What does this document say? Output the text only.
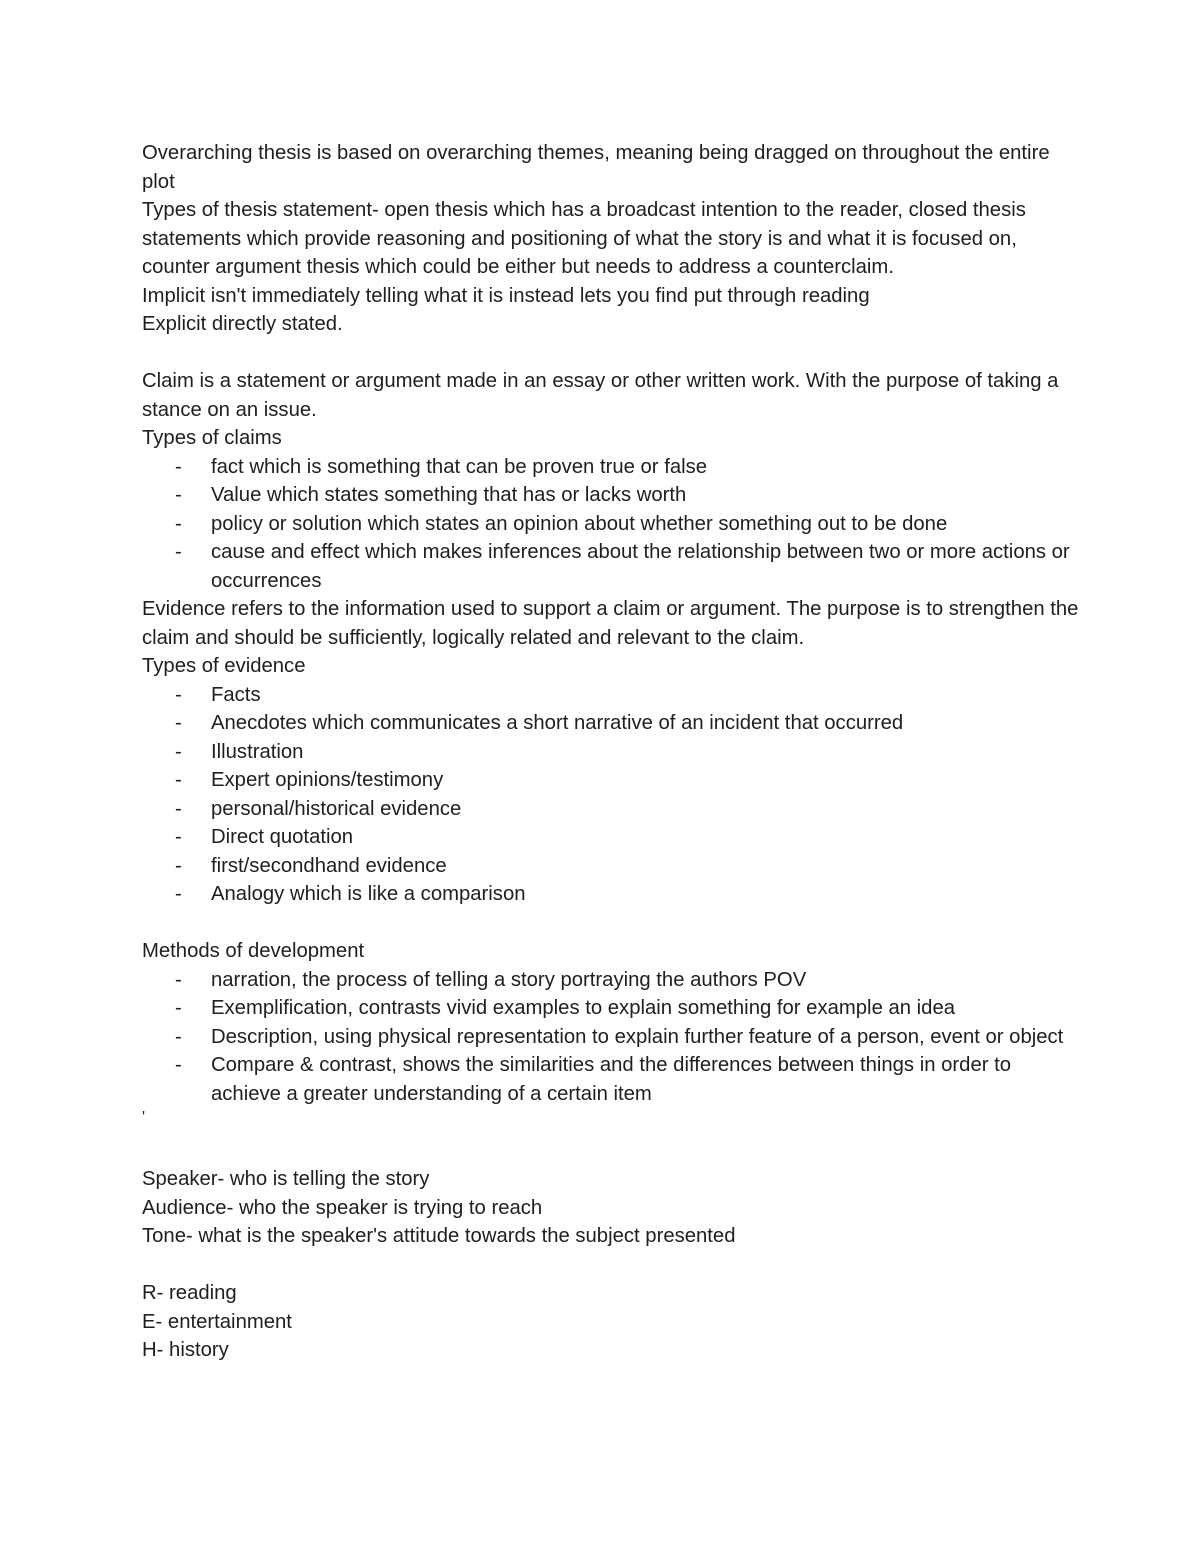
Overarching thesis is based on overarching themes, meaning being dragged on throughout the entire plot

Types of thesis statement- open thesis which has a broadcast intention to the reader, closed thesis statements which provide reasoning and positioning of what the story is and what it is focused on, counter argument thesis which could be either but needs to address a counterclaim.

Implicit isn't immediately telling what it is instead lets you find put through reading

Explicit directly stated.

Claim is a statement or argument made in an essay or other written work. With the purpose of taking a stance on an issue.

Types of claims

- fact which is something that can be proven true or false
- Value which states something that has or lacks worth
- policy or solution which states an opinion about whether something out to be done
- cause and effect which makes inferences about the relationship between two or more actions or occurrences

Evidence refers to the information used to support a claim or argument. The purpose is to strengthen the claim and should be sufficiently, logically related and relevant to the claim.

Types of evidence

- Facts
- Anecdotes which communicates a short narrative of an incident that occurred
- Illustration
- Expert opinions/testimony
- personal/historical evidence
- Direct quotation
- first/secondhand evidence
- Analogy which is like a comparison

Methods of development

- narration, the process of telling a story portraying the authors POV
- Exemplification, contrasts vivid examples to explain something for example an idea
- Description, using physical representation to explain further feature of a person, event or object
- Compare & contrast, shows the similarities and the differences between things in order to achieve a greater understanding of a certain item

'

Speaker- who is telling the story

Audience- who the speaker is trying to reach

Tone- what is the speaker's attitude towards the subject presented

R- reading

E- entertainment

H- history
